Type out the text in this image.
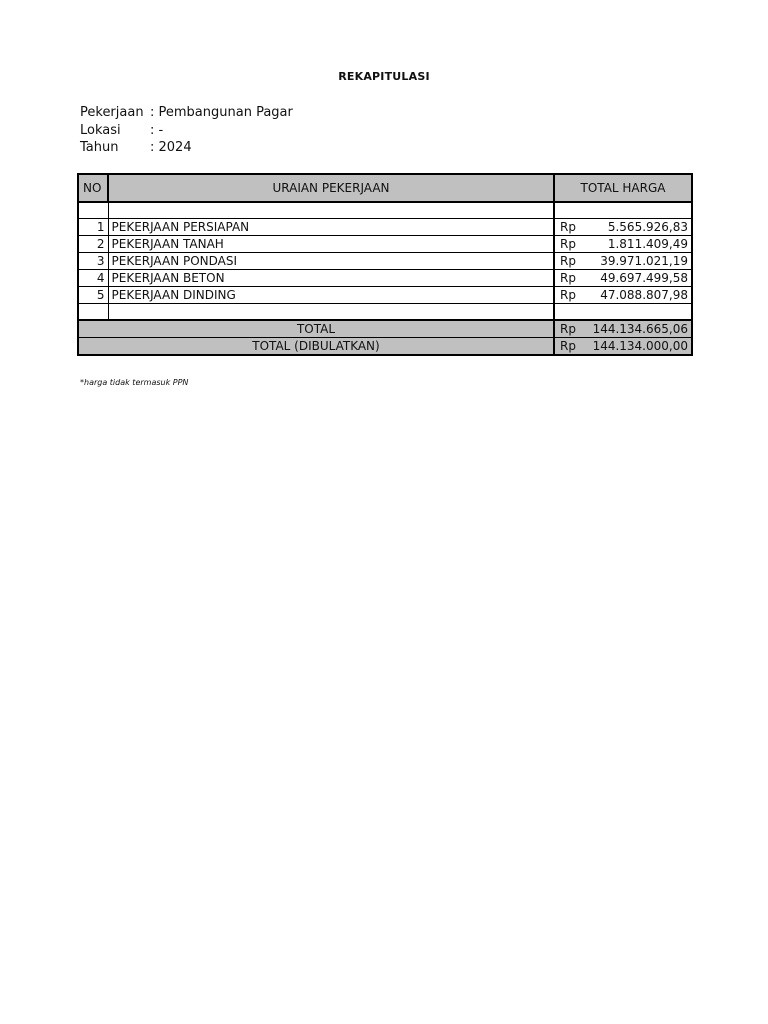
REKAPITULASI
Pekerjaan : Pembangunan Pagar
Lokasi	: -
Tahun	: 2024
NO	URAIAN PEKERJAAN	TOTAL HARGA	

1	PEKERJAAN PERSIAPAN	Rp	5.565.926,83
2	PEKERJAAN TANAH	Rp	1.811.409,49
3	PEKERJAAN PONDASI	Rp	39.971.021,19
4	PEKERJAAN BETON	Rp	49.697.499,58
5	PEKERJAAN DINDING	Rp	47.088.807,98

TOTAL		Rp	144.134.665,06
TOTAL (DIBULATKAN)		Rp	144.134.000,00
*harga tidak termasuk PPN
